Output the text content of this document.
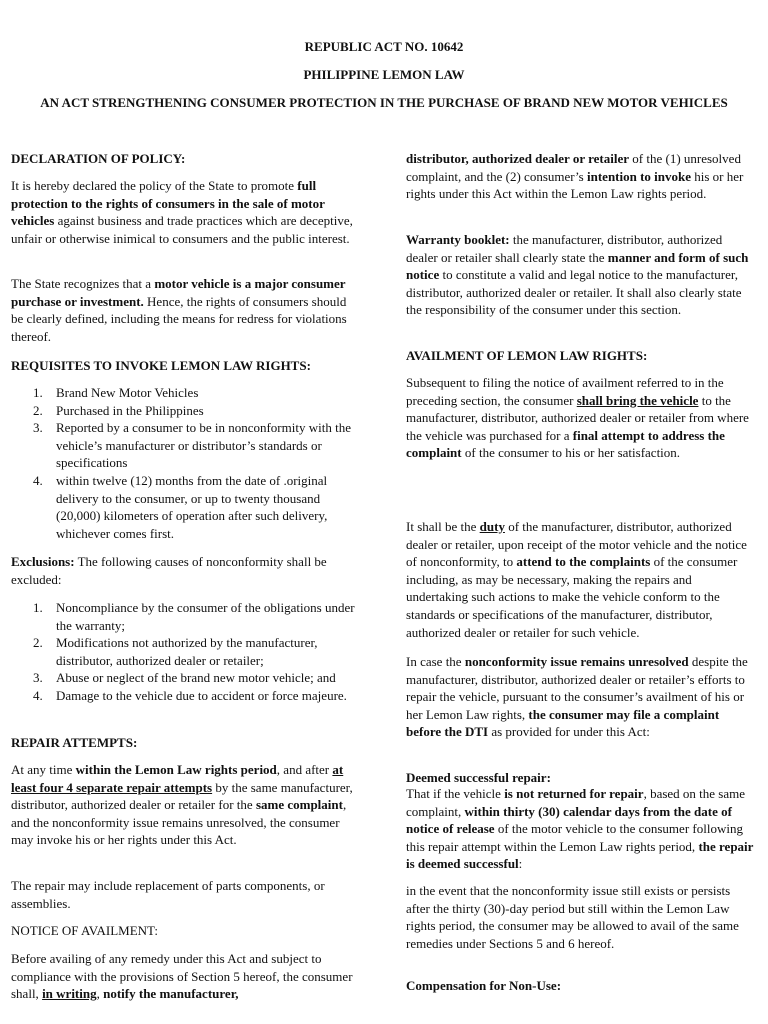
REPUBLIC ACT NO. 10642
PHILIPPINE LEMON LAW
AN ACT STRENGTHENING CONSUMER PROTECTION IN THE PURCHASE OF BRAND NEW MOTOR VEHICLES

DECLARATION OF POLICY:

It is hereby declared the policy of the State to promote full protection to the rights of consumers in the sale of motor vehicles against business and trade practices which are deceptive, unfair or otherwise inimical to consumers and the public interest.

The State recognizes that a motor vehicle is a major consumer purchase or investment. Hence, the rights of consumers should be clearly defined, including the means for redress for violations thereof.

REQUISITES TO INVOKE LEMON LAW RIGHTS:

1. Brand New Motor Vehicles
2. Purchased in the Philippines
3. Reported by a consumer to be in nonconformity with the vehicle’s manufacturer or distributor’s standards or specifications
4. within twelve (12) months from the date of .original delivery to the consumer, or up to twenty thousand (20,000) kilometers of operation after such delivery, whichever comes first.

Exclusions: The following causes of nonconformity shall be excluded:

1. Noncompliance by the consumer of the obligations under the warranty;
2. Modifications not authorized by the manufacturer, distributor, authorized dealer or retailer;
3. Abuse or neglect of the brand new motor vehicle; and
4. Damage to the vehicle due to accident or force majeure.

REPAIR ATTEMPTS:

At any time within the Lemon Law rights period, and after at least four 4 separate repair attempts by the same manufacturer, distributor, authorized dealer or retailer for the same complaint, and the nonconformity issue remains unresolved, the consumer may invoke his or her rights under this Act.

The repair may include replacement of parts components, or assemblies.

NOTICE OF AVAILMENT:

Before availing of any remedy under this Act and subject to compliance with the provisions of Section 5 hereof, the consumer shall, in writing, notify the manufacturer,

distributor, authorized dealer or retailer of the (1) unresolved complaint, and the (2) consumer’s intention to invoke his or her rights under this Act within the Lemon Law rights period.

Warranty booklet: the manufacturer, distributor, authorized dealer or retailer shall clearly state the manner and form of such notice to constitute a valid and legal notice to the manufacturer, distributor, authorized dealer or retailer. It shall also clearly state the responsibility of the consumer under this section.

AVAILMENT OF LEMON LAW RIGHTS:

Subsequent to filing the notice of availment referred to in the preceding section, the consumer shall bring the vehicle to the manufacturer, distributor, authorized dealer or retailer from where the vehicle was purchased for a final attempt to address the complaint of the consumer to his or her satisfaction.

It shall be the duty of the manufacturer, distributor, authorized dealer or retailer, upon receipt of the motor vehicle and the notice of nonconformity, to attend to the complaints of the consumer including, as may be necessary, making the repairs and undertaking such actions to make the vehicle conform to the standards or specifications of the manufacturer, distributor, authorized dealer or retailer for such vehicle.

In case the nonconformity issue remains unresolved despite the manufacturer, distributor, authorized dealer or retailer’s efforts to repair the vehicle, pursuant to the consumer’s availment of his or her Lemon Law rights, the consumer may file a complaint before the DTI as provided for under this Act:

Deemed successful repair:

That if the vehicle is not returned for repair, based on the same complaint, within thirty (30) calendar days from the date of notice of release of the motor vehicle to the consumer following this repair attempt within the Lemon Law rights period, the repair is deemed successful:

in the event that the nonconformity issue still exists or persists after the thirty (30)-day period but still within the Lemon Law rights period, the consumer may be allowed to avail of the same remedies under Sections 5 and 6 hereof.

Compensation for Non-Use:
